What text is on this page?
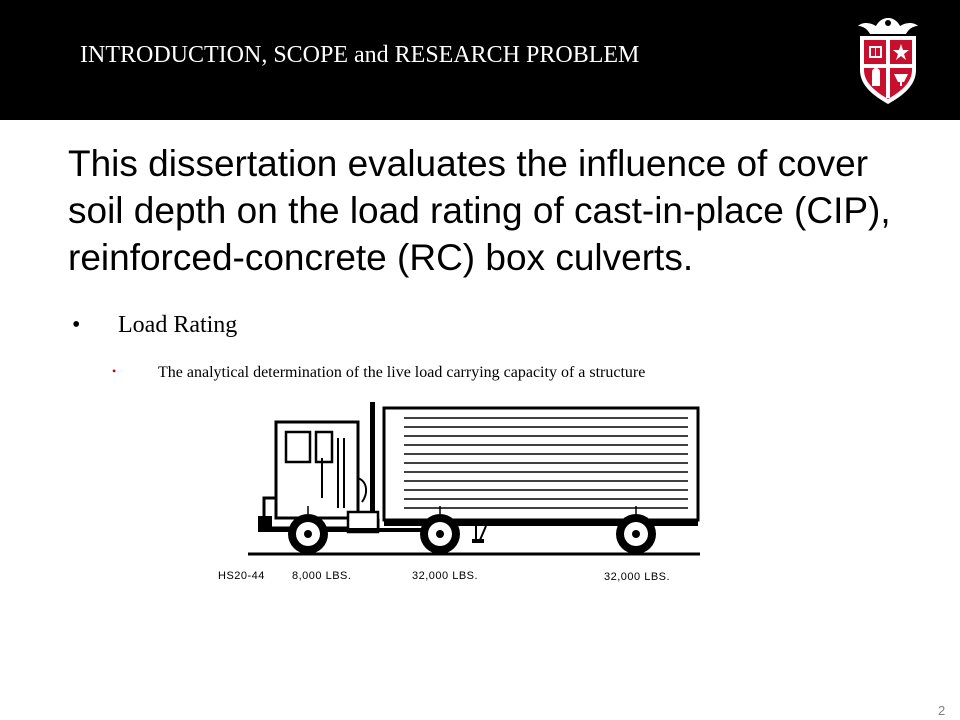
INTRODUCTION, SCOPE and RESEARCH PROBLEM
This dissertation evaluates the influence of cover soil depth on the load rating of cast-in-place (CIP), reinforced-concrete (RC) box culverts.
• Load Rating
•	The analytical determination of the live load carrying capacity of a structure
HS20-44 8,000 LBS.	32,000 LBS.	32,000 LBS.
2
